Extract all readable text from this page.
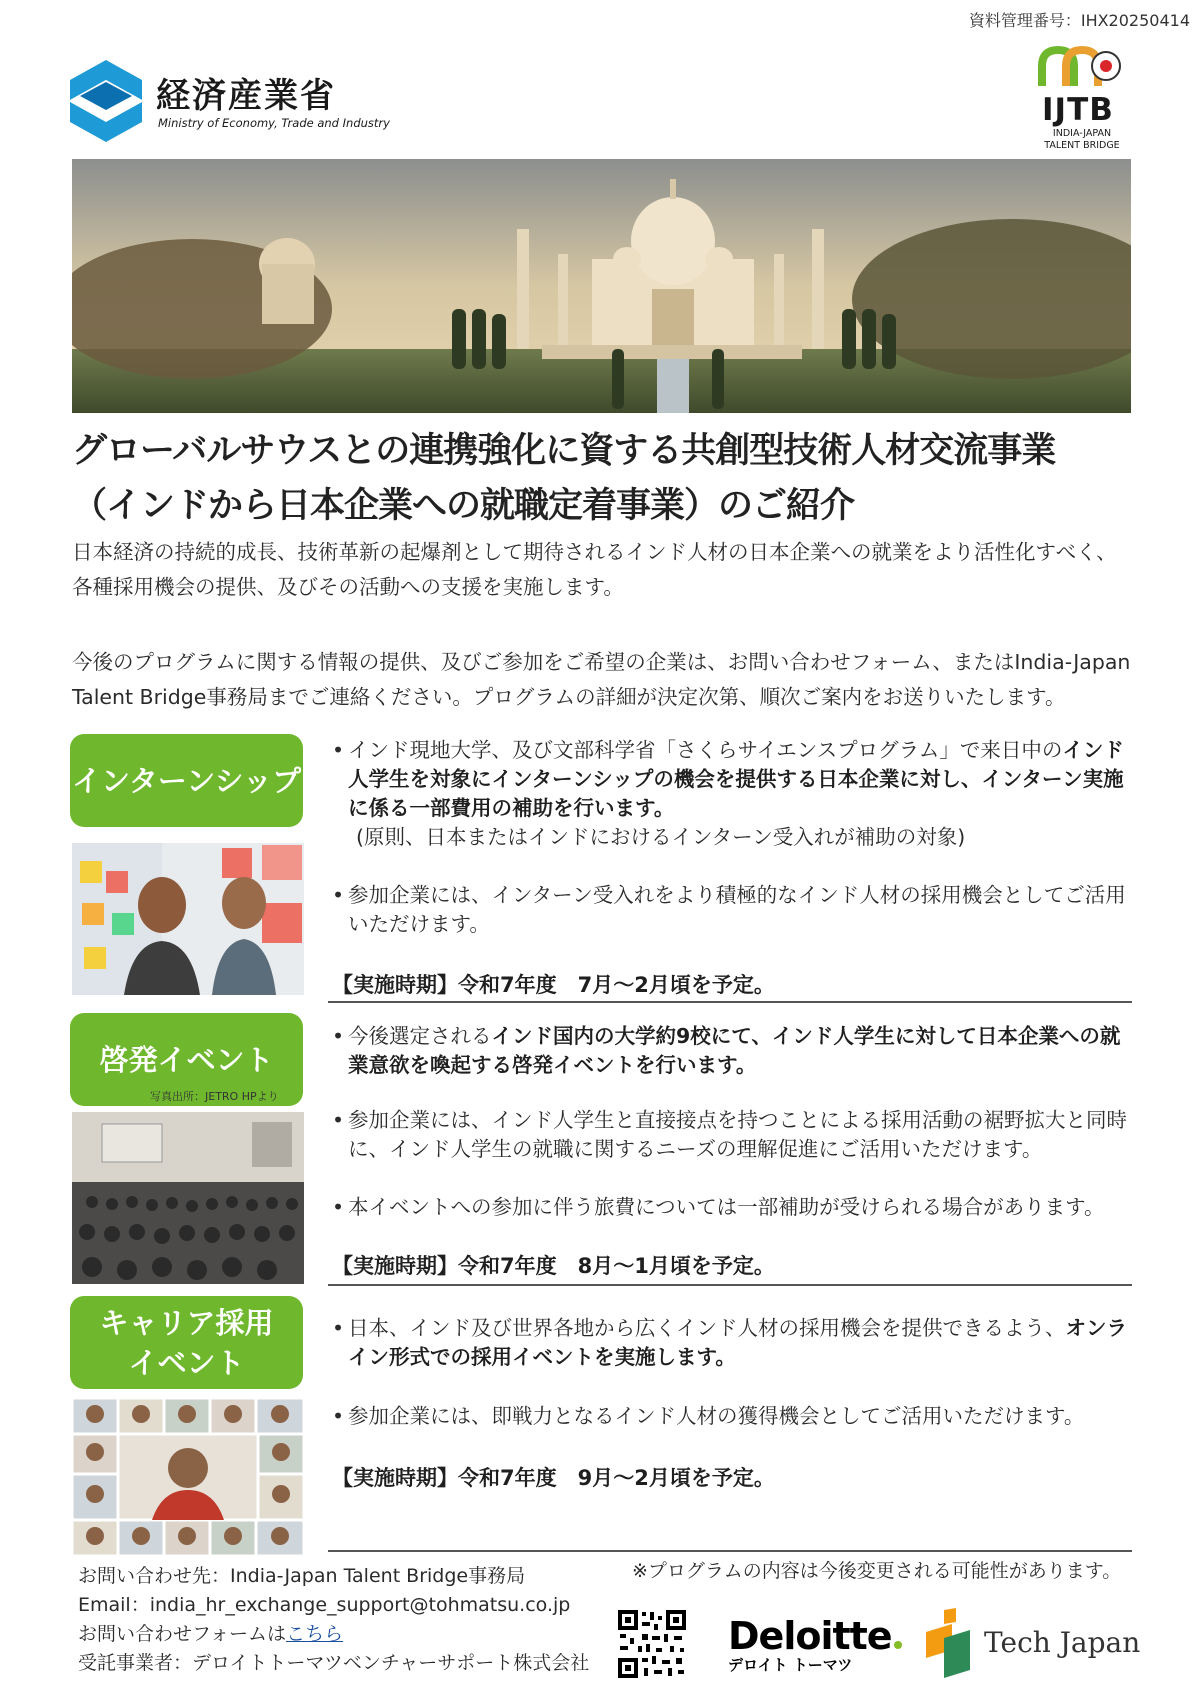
資料管理番号：IHX20250414
経済産業省
Ministry of Economy, Trade and Industry	IJTB
INDIA-JAPAN
TALENT BRIDGE
グローバルサウスとの連携強化に資する共創型技術人材交流事業
（インドから日本企業への就職定着事業）のご紹介
日本経済の持続的成長、技術革新の起爆剤として期待されるインド人材の日本企業への就業をより活性化すべく、各種採用機会の提供、及びその活動への支援を実施します。
今後のプログラムに関する情報の提供、及びご参加をご希望の企業は、お問い合わせフォーム、またはIndia-Japan Talent Bridge事務局までご連絡ください。プログラムの詳細が決定次第、順次ご案内をお送りいたします。
インターンシップ
• インド現地大学、及び文部科学省「さくらサイエンスプログラム」で来日中のインド人学生を対象にインターンシップの機会を提供する日本企業に対し、インターン実施に係る一部費用の補助を行います。
(原則、日本またはインドにおけるインターン受入れが補助の対象)
• 参加企業には、インターン受入れをより積極的なインド人材の採用機会としてご活用いただけます。
【実施時期】令和7年度　7月～2月頃を予定。
啓発イベント
写真出所：JETRO HPより
• 今後選定されるインド国内の大学約9校にて、インド人学生に対して日本企業への就業意欲を喚起する啓発イベントを行います。
• 参加企業には、インド人学生と直接接点を持つことによる採用活動の裾野拡大と同時に、インド人学生の就職に関するニーズの理解促進にご活用いただけます。
• 本イベントへの参加に伴う旅費については一部補助が受けられる場合があります。
【実施時期】令和7年度　8月～1月頃を予定。
キャリア採用
イベント
• 日本、インド及び世界各地から広くインド人材の採用機会を提供できるよう、オンライン形式での採用イベントを実施します。
• 参加企業には、即戦力となるインド人材の獲得機会としてご活用いただけます。
【実施時期】令和7年度　9月～2月頃を予定。
お問い合わせ先：India-Japan Talent Bridge事務局
Email：india_hr_exchange_support@tohmatsu.co.jp
お問い合わせフォームはこちら
受託事業者：デロイトトーマツベンチャーサポート株式会社
※プログラムの内容は今後変更される可能性があります。
Deloitte
デロイト トーマツ
Tech Japan
